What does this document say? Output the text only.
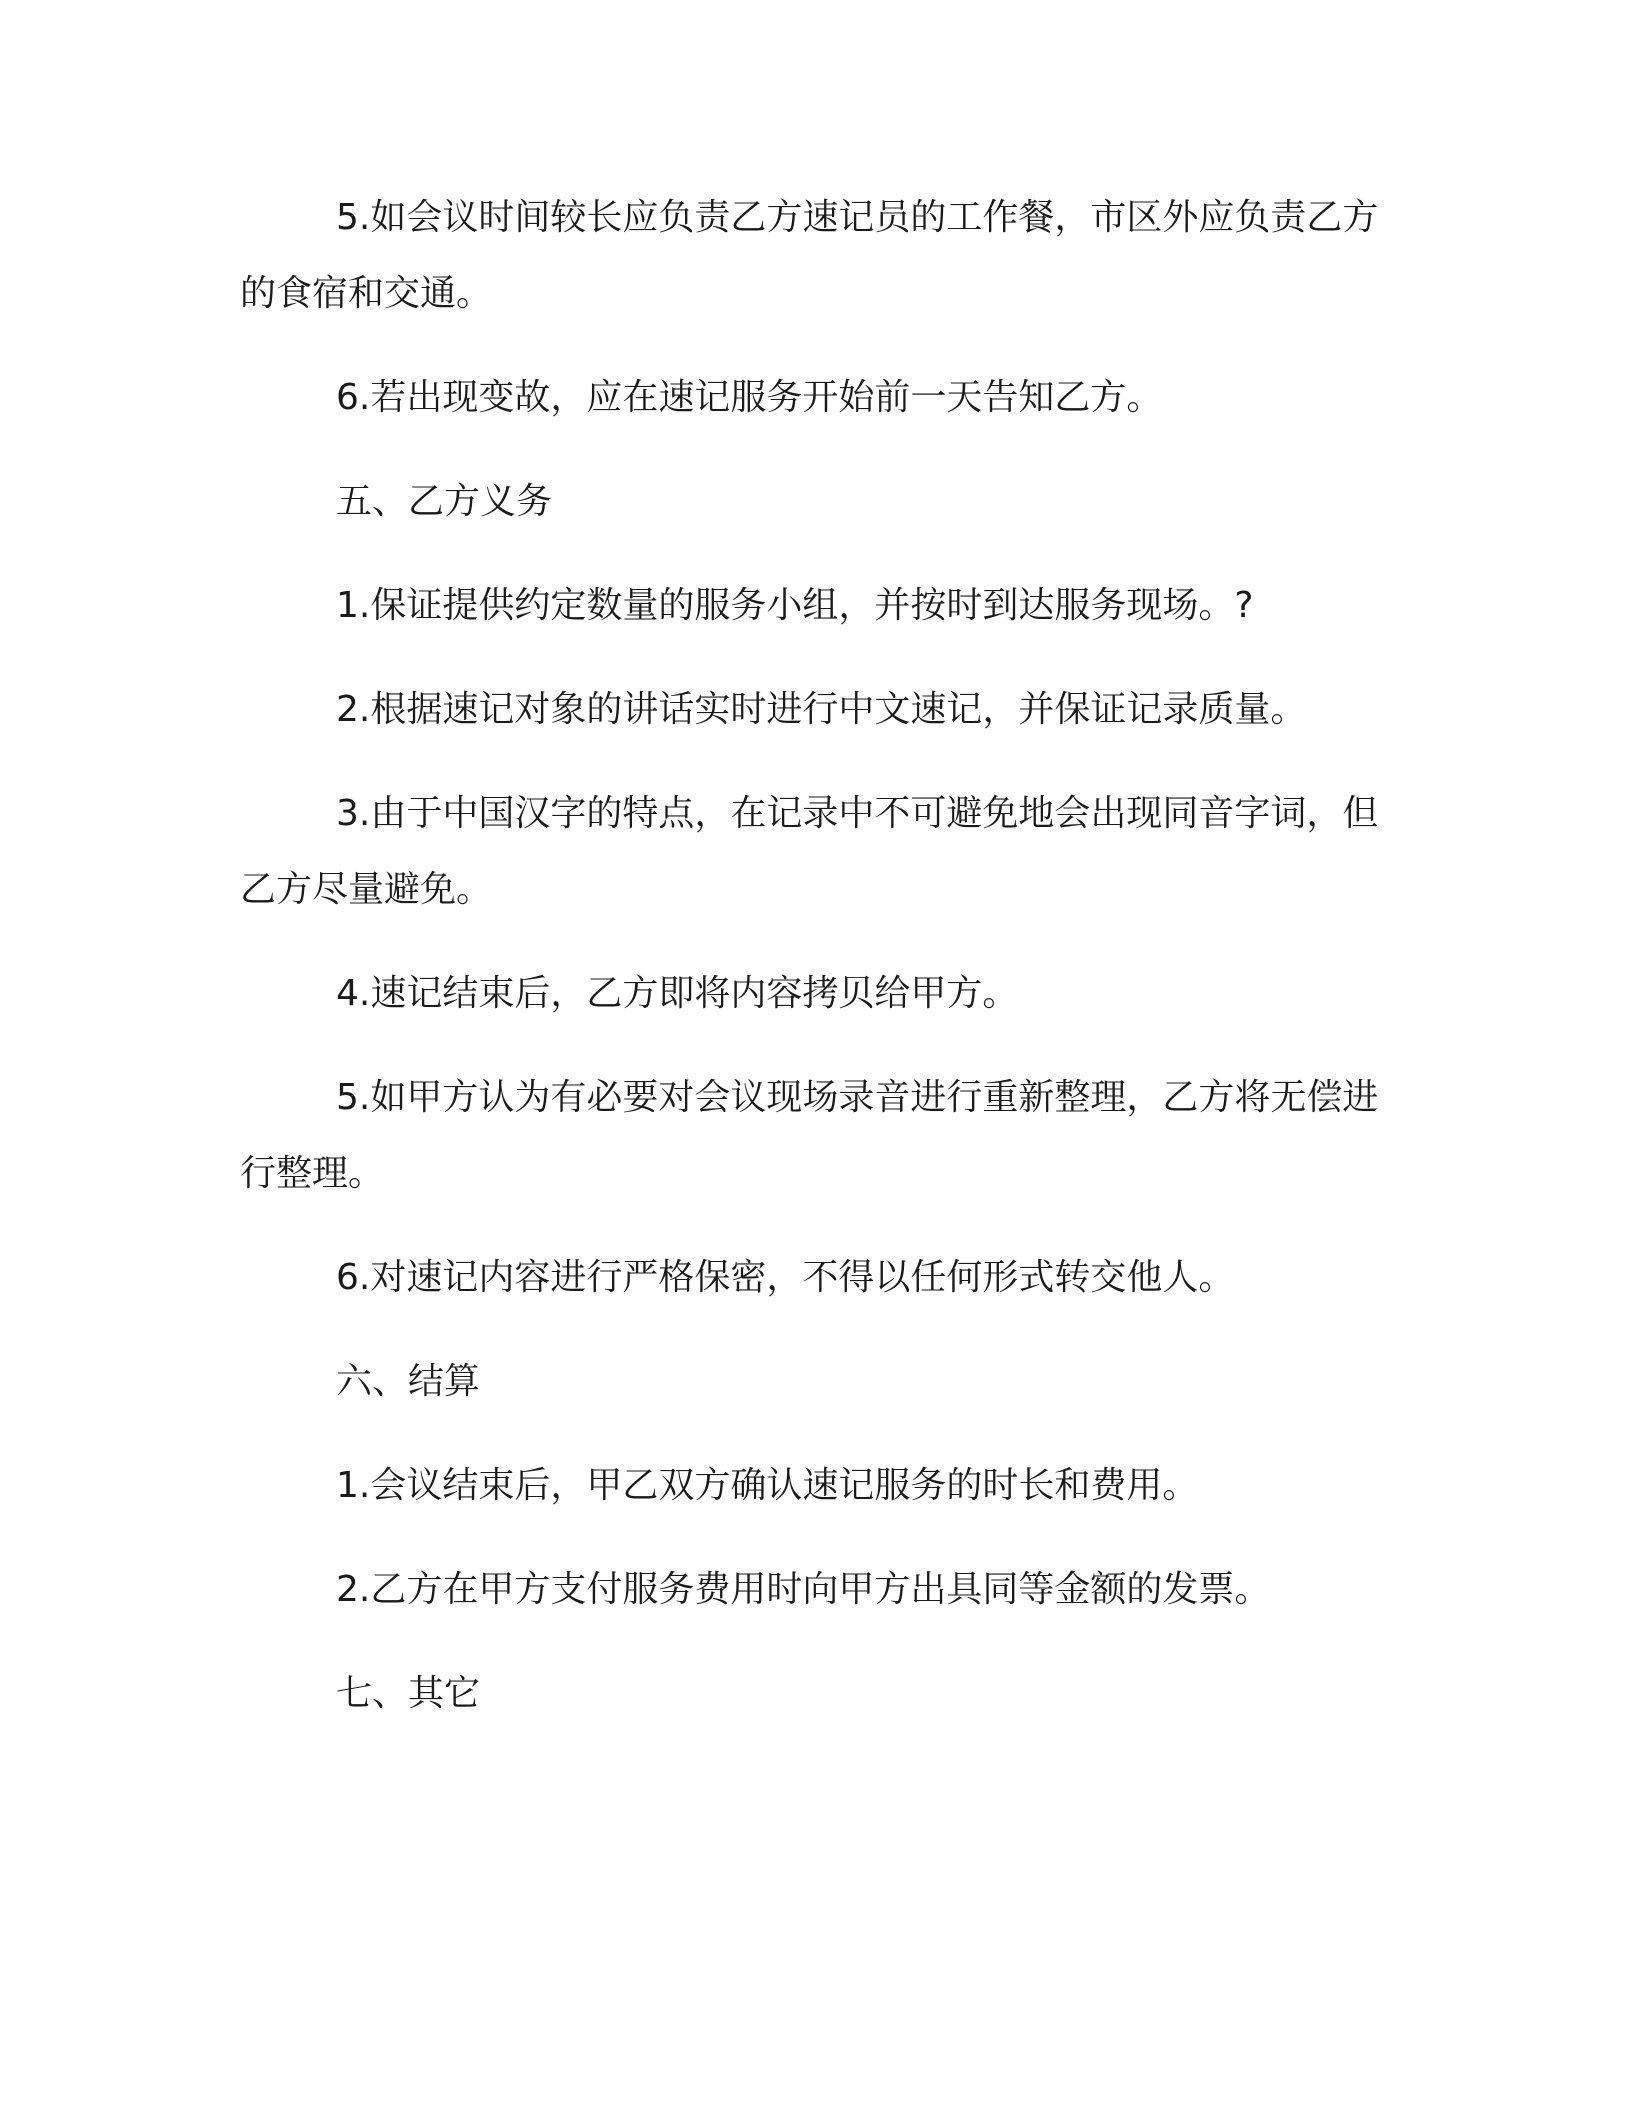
5.如会议时间较长应负责乙方速记员的工作餐，市区外应负责乙方的食宿和交通。

6.若出现变故，应在速记服务开始前一天告知乙方。

五、乙方义务

1.保证提供约定数量的服务小组，并按时到达服务现场。?

2.根据速记对象的讲话实时进行中文速记，并保证记录质量。

3.由于中国汉字的特点，在记录中不可避免地会出现同音字词，但乙方尽量避免。

4.速记结束后，乙方即将内容拷贝给甲方。

5.如甲方认为有必要对会议现场录音进行重新整理，乙方将无偿进行整理。

6.对速记内容进行严格保密，不得以任何形式转交他人。

六、结算

1.会议结束后，甲乙双方确认速记服务的时长和费用。

2.乙方在甲方支付服务费用时向甲方出具同等金额的发票。

七、其它
